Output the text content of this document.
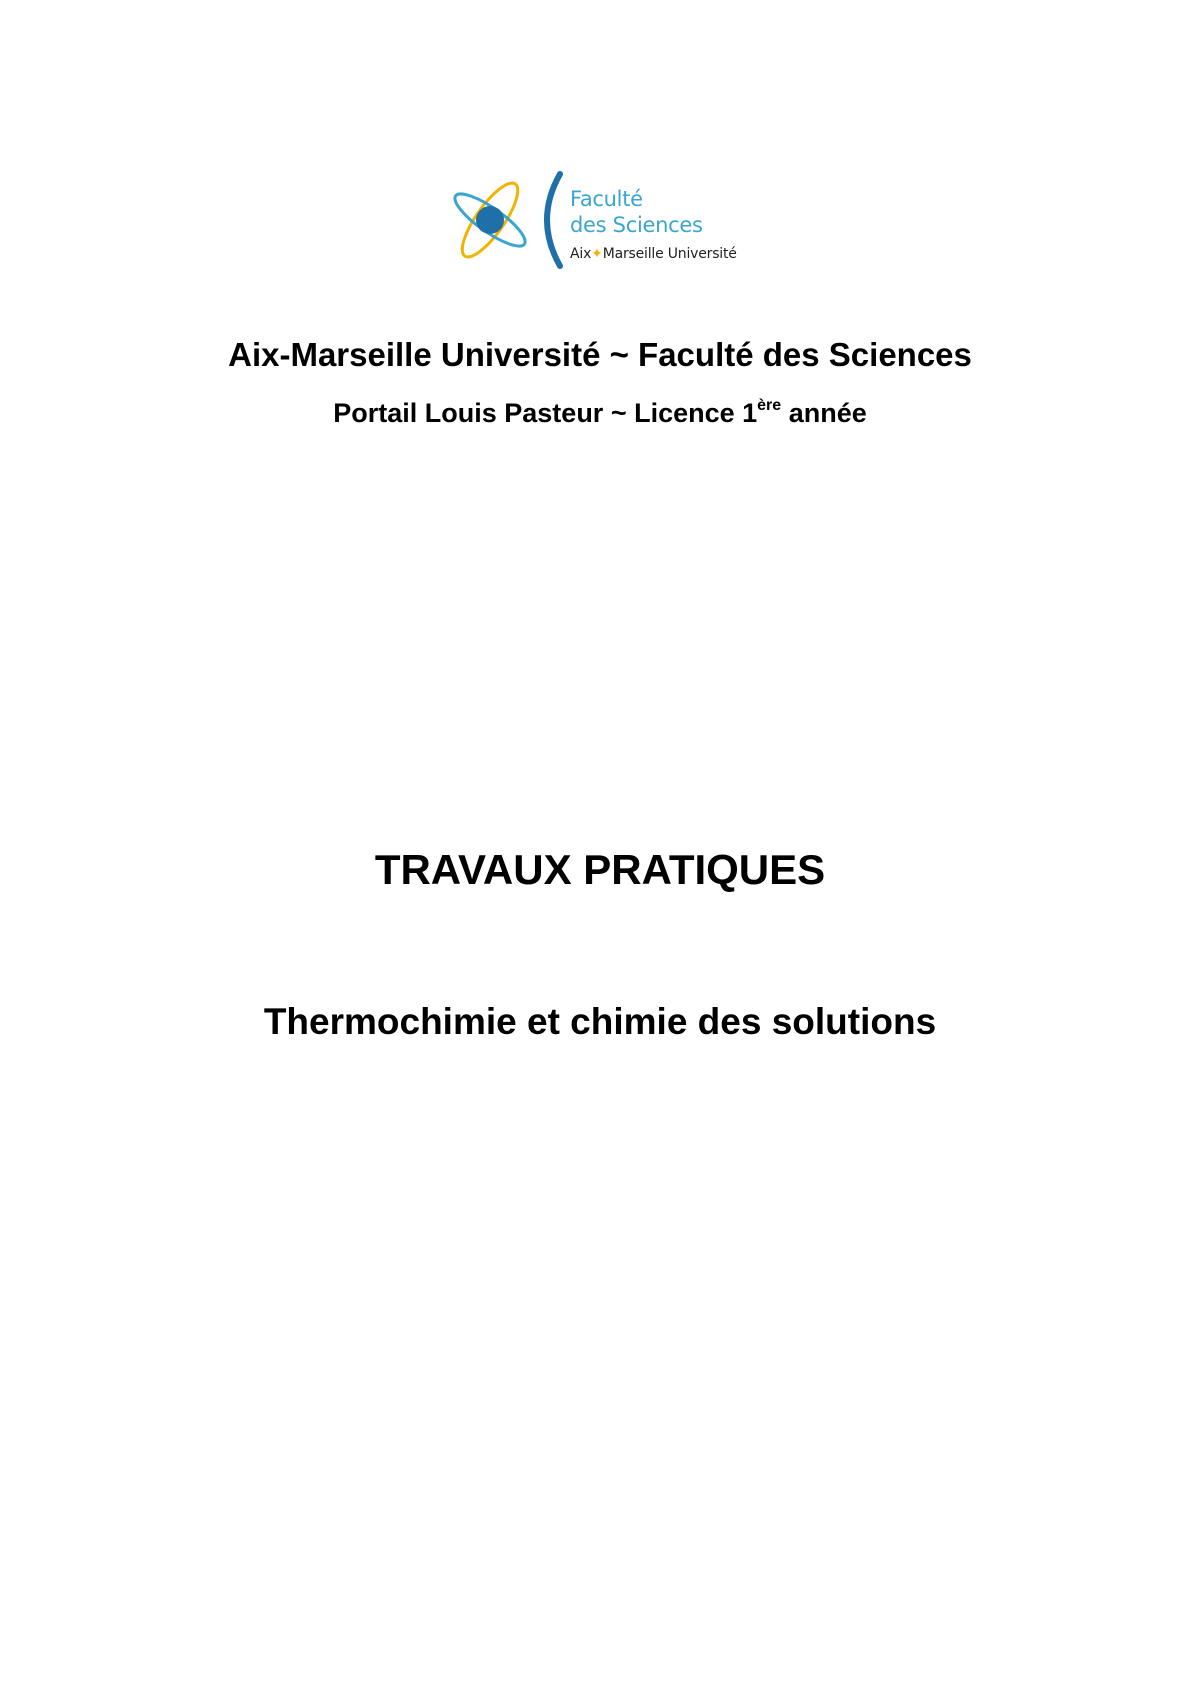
Faculté
des Sciences
Aix✦Marseille Université
Aix-Marseille Université ~ Faculté des Sciences
Portail Louis Pasteur ~ Licence 1ère année
TRAVAUX PRATIQUES
Thermochimie et chimie des solutions
